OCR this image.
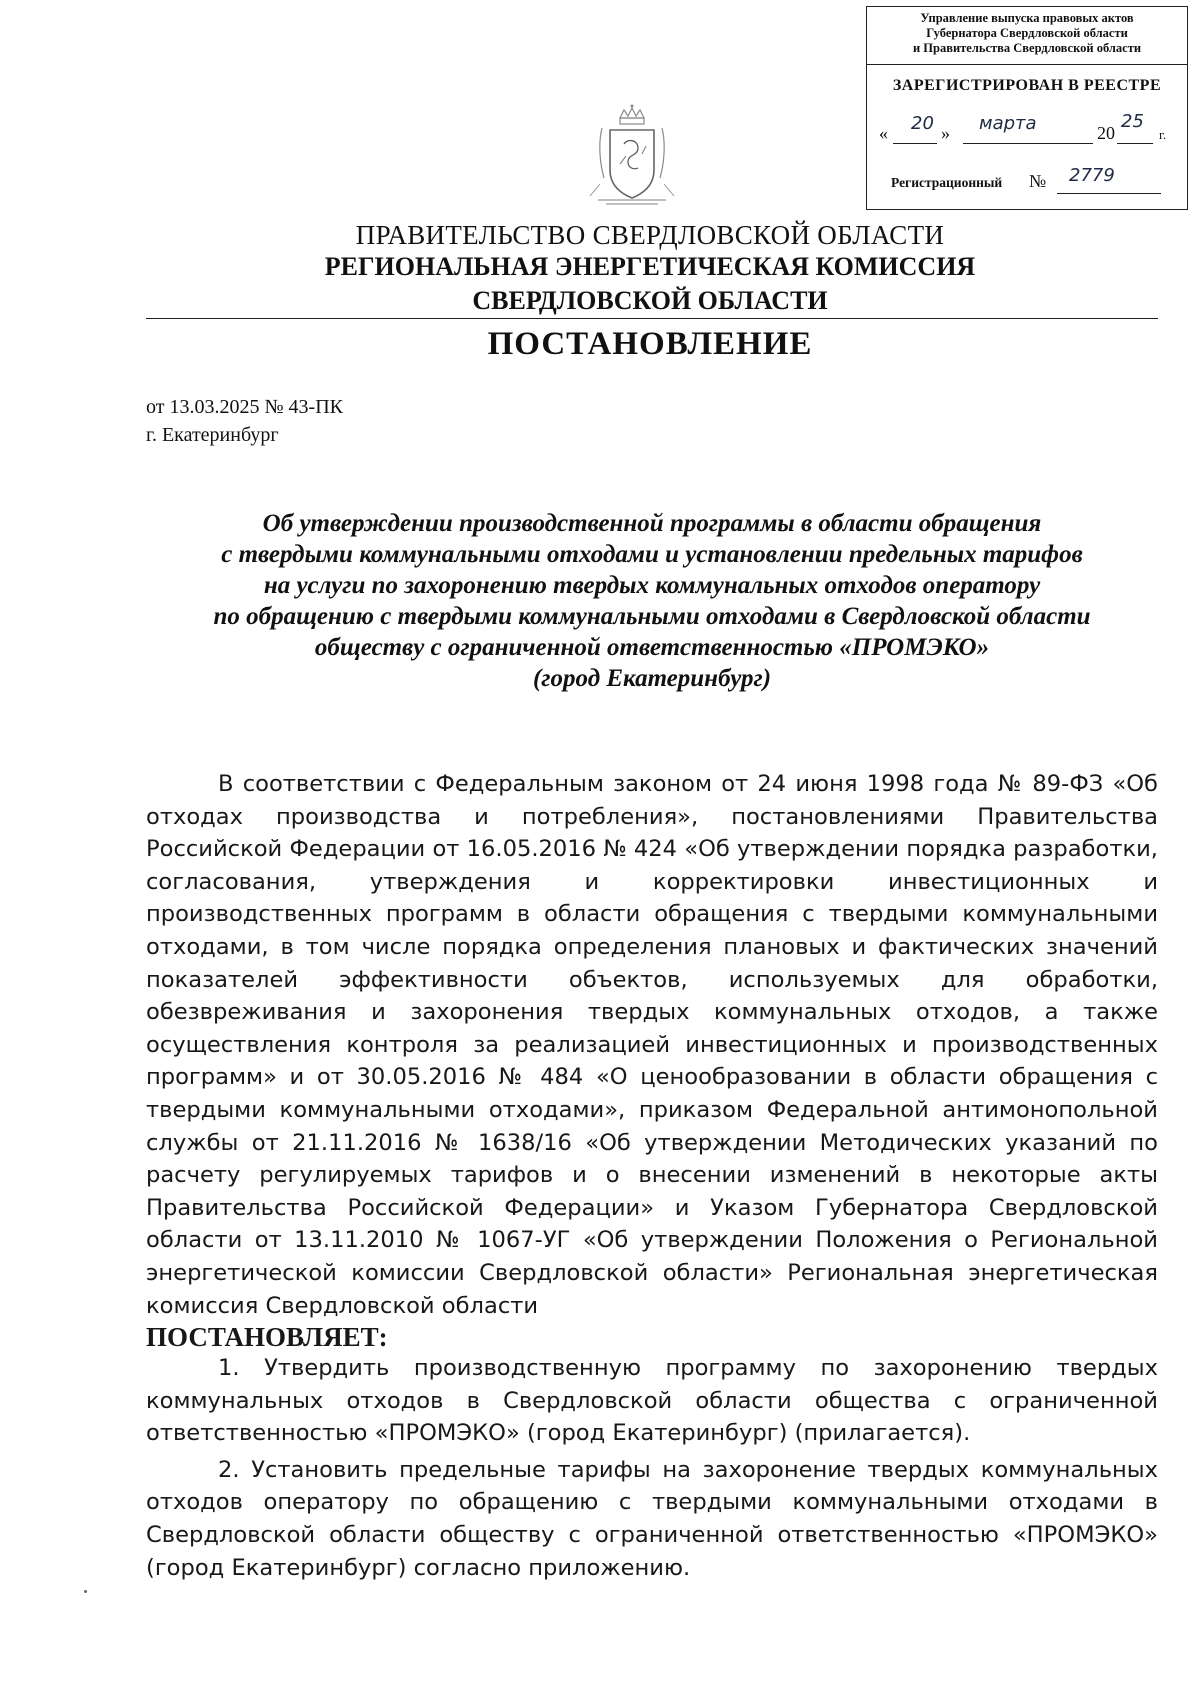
Управление выпуска правовых актов
Губернатора Свердловской области
и Правительства Свердловской области
ЗАРЕГИСТРИРОВАН В РЕЕСТРЕ
« 20 » марта	20
25
г.
Регистрационный № 2779
ПРАВИТЕЛЬСТВО СВЕРДЛОВСКОЙ ОБЛАСТИ
РЕГИОНАЛЬНАЯ ЭНЕРГЕТИЧЕСКАЯ КОМИССИЯ
СВЕРДЛОВСКОЙ ОБЛАСТИ
ПОСТАНОВЛЕНИЕ
от 13.03.2025 № 43-ПК
г. Екатеринбург
Об утверждении производственной программы в области обращения
с твердыми коммунальными отходами и установлении предельных тарифов
на услуги по захоронению твердых коммунальных отходов оператору
по обращению с твердыми коммунальными отходами в Свердловской области
обществу с ограниченной ответственностью «ПРОМЭКО»
(город Екатеринбург)

В соответствии с Федеральным законом от 24 июня 1998 года № 89-ФЗ «Об отходах производства и потребления», постановлениями Правительства Российской Федерации от 16.05.2016 № 424 «Об утверждении порядка разработки, согласования, утверждения и корректировки инвестиционных и производственных программ в области обращения с твердыми коммунальными отходами, в том числе порядка определения плановых и фактических значений показателей эффективности объектов, используемых для обработки, обезвреживания и захоронения твердых коммунальных отходов, а также осуществления контроля за реализацией инвестиционных и производственных программ» и от 30.05.2016 № 484 «О ценообразовании в области обращения с твердыми коммунальными отходами», приказом Федеральной антимонопольной службы от 21.11.2016 № 1638/16 «Об утверждении Методических указаний по расчету регулируемых тарифов и о внесении изменений в некоторые акты Правительства Российской Федерации» и Указом Губернатора Свердловской области от 13.11.2010 № 1067-УГ «Об утверждении Положения о Региональной энергетической комиссии Свердловской области» Региональная энергетическая комиссия Свердловской области

ПОСТАНОВЛЯЕТ:

1. Утвердить производственную программу по захоронению твердых коммунальных отходов в Свердловской области общества с ограниченной ответственностью «ПРОМЭКО» (город Екатеринбург) (прилагается).

2. Установить предельные тарифы на захоронение твердых коммунальных отходов оператору по обращению с твердыми коммунальными отходами в Свердловской области обществу с ограниченной ответственностью «ПРОМЭКО» (город Екатеринбург) согласно приложению.
